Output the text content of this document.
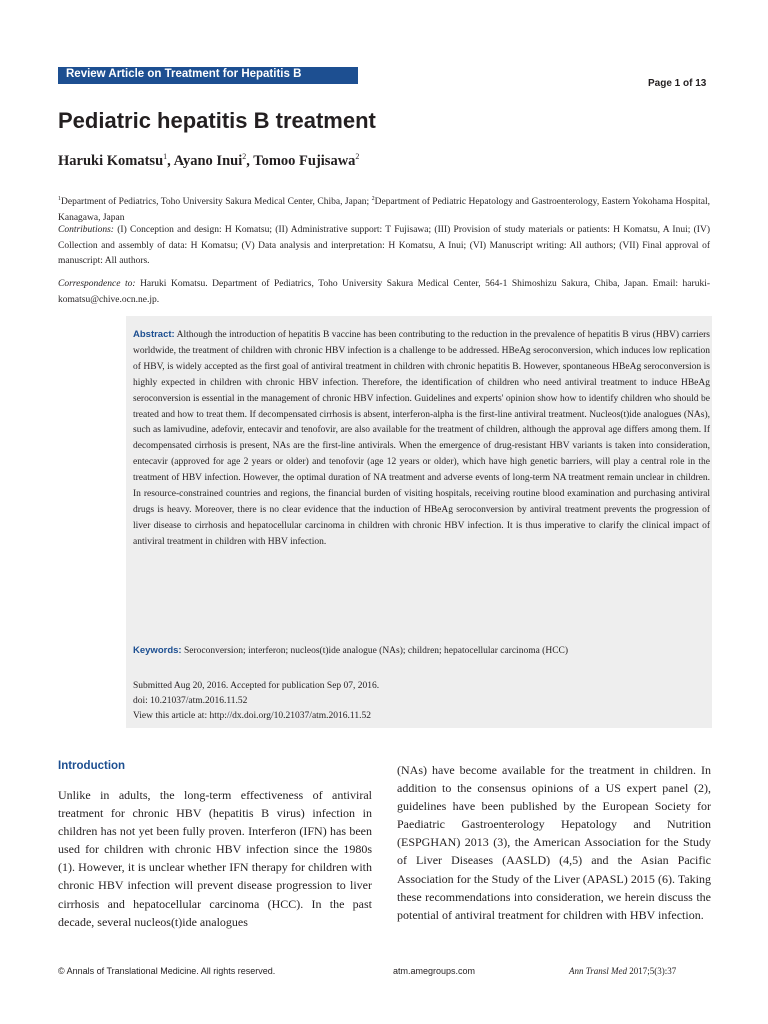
Review Article on Treatment for Hepatitis B
Page 1 of 13
Pediatric hepatitis B treatment
Haruki Komatsu$^1$, Ayano Inui$^2$, Tomoo Fujisawa$^2$

$^1$Department of Pediatrics, Toho University Sakura Medical Center, Chiba, Japan; $^2$Department of Pediatric Hepatology and Gastroenterology, Eastern Yokohama Hospital, Kanagawa, Japan

Contributions: (I) Conception and design: H Komatsu; (II) Administrative support: T Fujisawa; (III) Provision of study materials or patients: H Komatsu, A Inui; (IV) Collection and assembly of data: H Komatsu; (V) Data analysis and interpretation: H Komatsu, A Inui; (VI) Manuscript writing: All authors; (VII) Final approval of manuscript: All authors.

Correspondence to: Haruki Komatsu. Department of Pediatrics, Toho University Sakura Medical Center, 564-1 Shimoshizu Sakura, Chiba, Japan. Email: haruki-komatsu@chive.ocn.ne.jp.

Abstract: Although the introduction of hepatitis B vaccine has been contributing to the reduction in the prevalence of hepatitis B virus (HBV) carriers worldwide, the treatment of children with chronic HBV infection is a challenge to be addressed. HBeAg seroconversion, which induces low replication of HBV, is widely accepted as the first goal of antiviral treatment in children with chronic hepatitis B. However, spontaneous HBeAg seroconversion is highly expected in children with chronic HBV infection. Therefore, the identification of children who need antiviral treatment to induce HBeAg seroconversion is essential in the management of chronic HBV infection. Guidelines and experts' opinion show how to identify children who should be treated and how to treat them. If decompensated cirrhosis is absent, interferon-alpha is the first-line antiviral treatment. Nucleos(t)ide analogues (NAs), such as lamivudine, adefovir, entecavir and tenofovir, are also available for the treatment of children, although the approval age differs among them. If decompensated cirrhosis is present, NAs are the first-line antivirals. When the emergence of drug-resistant HBV variants is taken into consideration, entecavir (approved for age 2 years or older) and tenofovir (age 12 years or older), which have high genetic barriers, will play a central role in the treatment of HBV infection. However, the optimal duration of NA treatment and adverse events of long-term NA treatment remain unclear in children. In resource-constrained countries and regions, the financial burden of visiting hospitals, receiving routine blood examination and purchasing antiviral drugs is heavy. Moreover, there is no clear evidence that the induction of HBeAg seroconversion by antiviral treatment prevents the progression of liver disease to cirrhosis and hepatocellular carcinoma in children with chronic HBV infection. It is thus imperative to clarify the clinical impact of antiviral treatment in children with HBV infection.

Keywords: Seroconversion; interferon; nucleos(t)ide analogue (NAs); children; hepatocellular carcinoma (HCC)

Submitted Aug 20, 2016. Accepted for publication Sep 07, 2016.
doi: 10.21037/atm.2016.11.52
View this article at: http://dx.doi.org/10.21037/atm.2016.11.52
Introduction

Unlike in adults, the long-term effectiveness of antiviral treatment for chronic HBV (hepatitis B virus) infection in children has not yet been fully proven. Interferon (IFN) has been used for children with chronic HBV infection since the 1980s (1). However, it is unclear whether IFN therapy for children with chronic HBV infection will prevent disease progression to liver cirrhosis and hepatocellular carcinoma (HCC). In the past decade, several nucleos(t)ide analogues

(NAs) have become available for the treatment in children. In addition to the consensus opinions of a US expert panel (2), guidelines have been published by the European Society for Paediatric Gastroenterology Hepatology and Nutrition (ESPGHAN) 2013 (3), the American Association for the Study of Liver Diseases (AASLD) (4,5) and the Asian Pacific Association for the Study of the Liver (APASL) 2015 (6). Taking these recommendations into consideration, we herein discuss the potential of antiviral treatment for children with HBV infection.

© Annals of Translational Medicine. All rights reserved.	atm.amegroups.com	Ann Transl Med 2017;5(3):37
